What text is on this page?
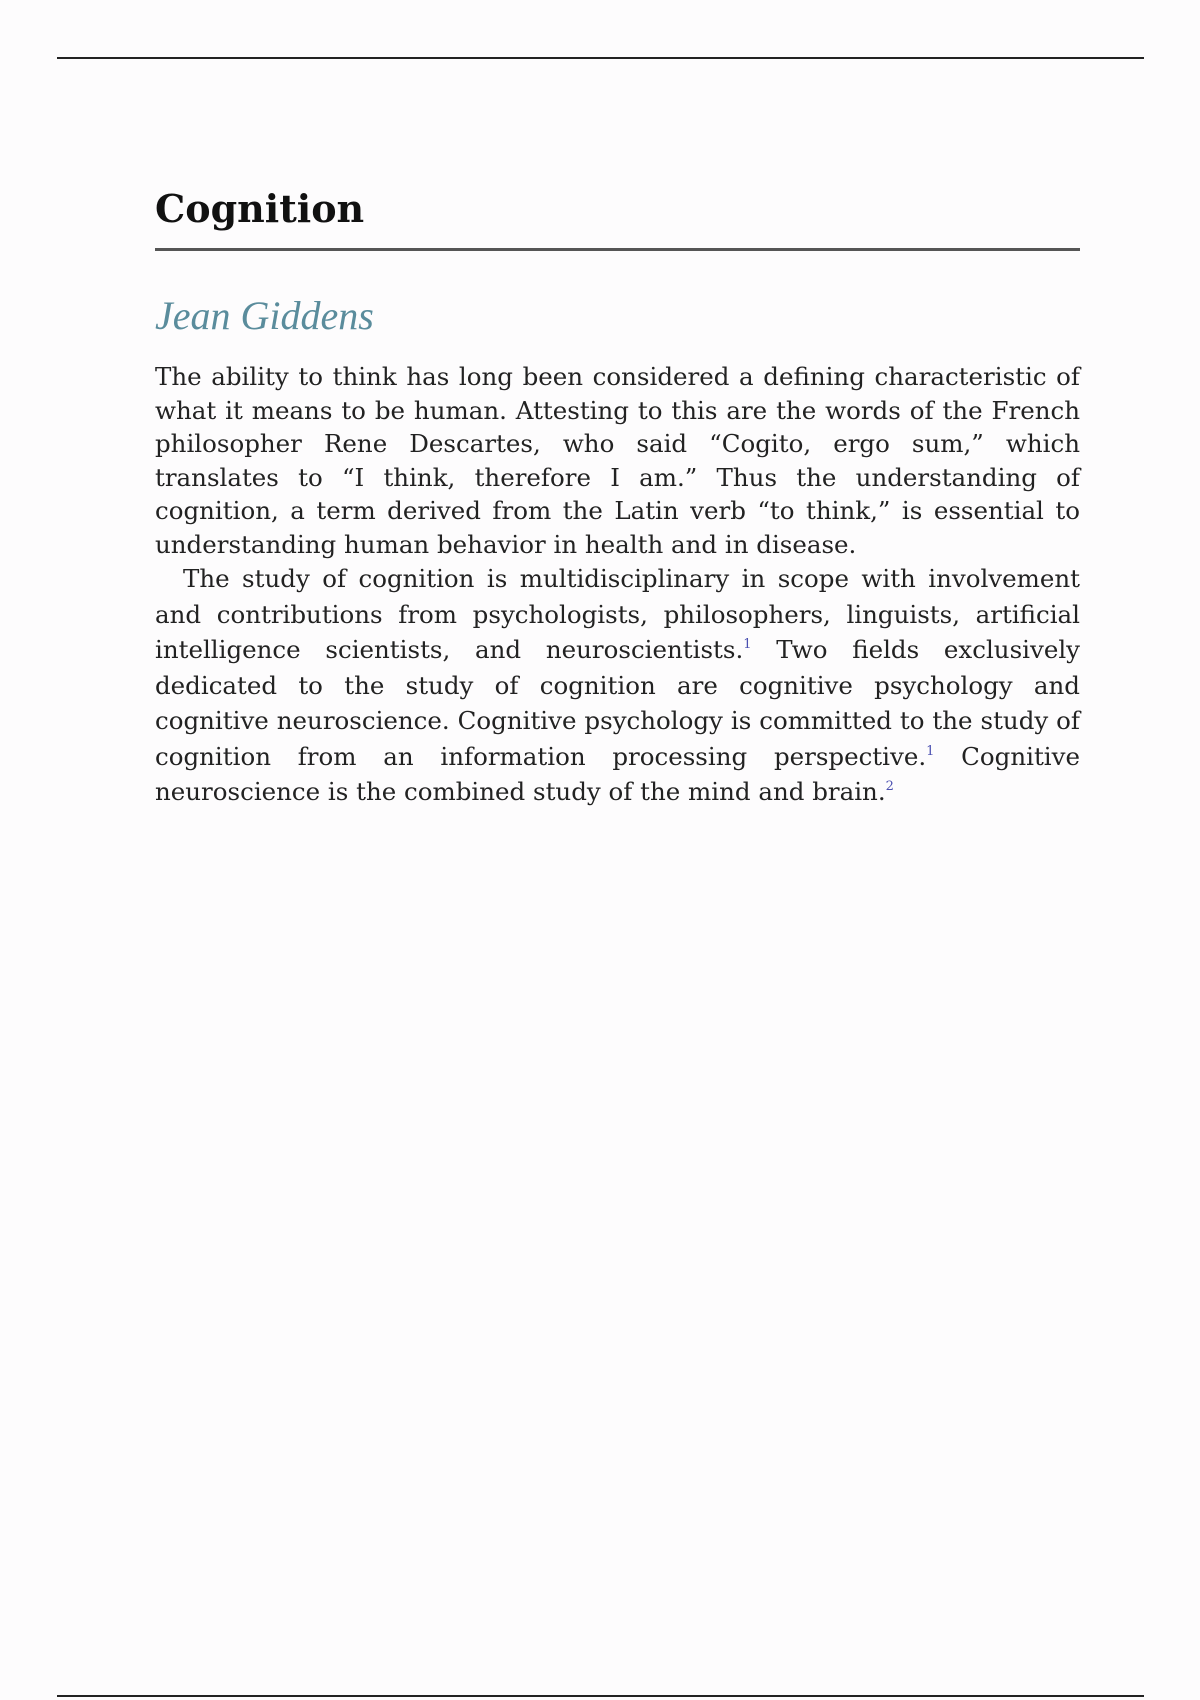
Cognition
Jean Giddens

The ability to think has long been considered a defining characteristic of what it means to be human. Attesting to this are the words of the French philosopher Rene Descartes, who said “Cogito, ergo sum,” which translates to “I think, therefore I am.” Thus the understanding of cognition, a term derived from the Latin verb “to think,” is essential to understanding human behavior in health and in disease.

The study of cognition is multidisciplinary in scope with involvement and contributions from psychologists, philosophers, linguists, artificial intelligence scientists, and neuroscientists.$^1$ Two fields exclusively dedicated to the study of cognition are cognitive psychology and cognitive neuroscience. Cognitive psychology is committed to the study of cognition from an information processing perspective.$^1$ Cognitive neuroscience is the combined study of the mind and brain.$^2$
